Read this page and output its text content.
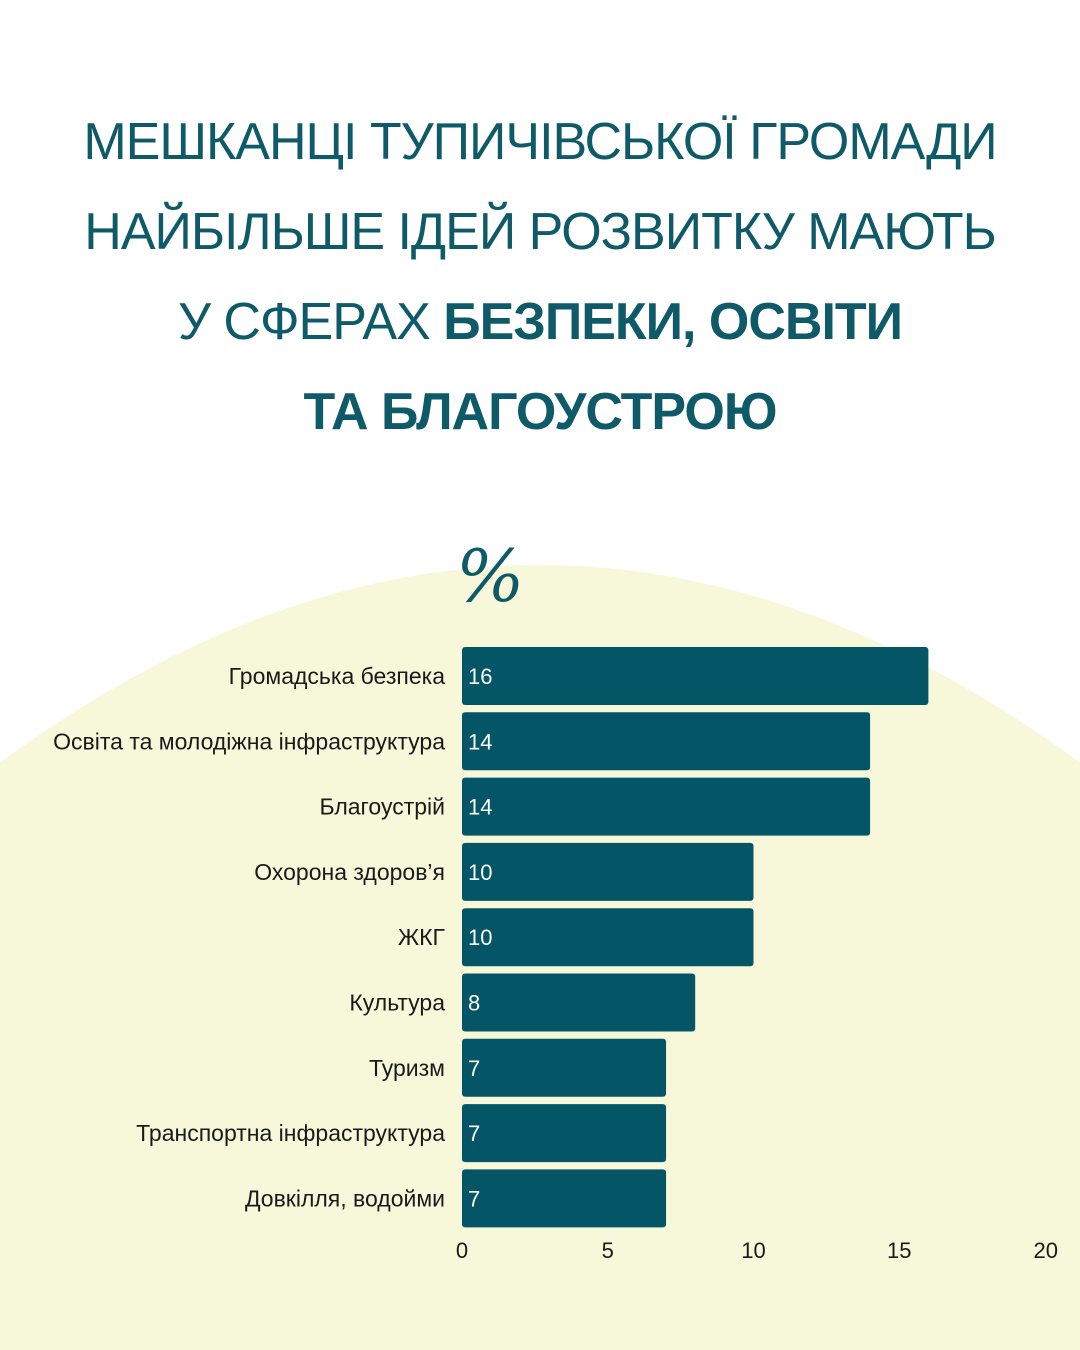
МЕШКАНЦІ ТУПИЧІВСЬКОЇ ГРОМАДИ
НАЙБІЛЬШЕ ІДЕЙ РОЗВИТКУ МАЮТЬ
У СФЕРАХ БЕЗПЕКИ, ОСВІТИ
ТА БЛАГОУСТРОЮ
%
Громадська безпека 16
Освіта та молодіжна інфраструктура 14
Благоустрій 14
Охорона здоров’я 10
ЖКГ 10
Культура 8
Туризм 7
Транспортна інфраструктура 7
Довкілля, водойми 7
0	5	10	15	20
